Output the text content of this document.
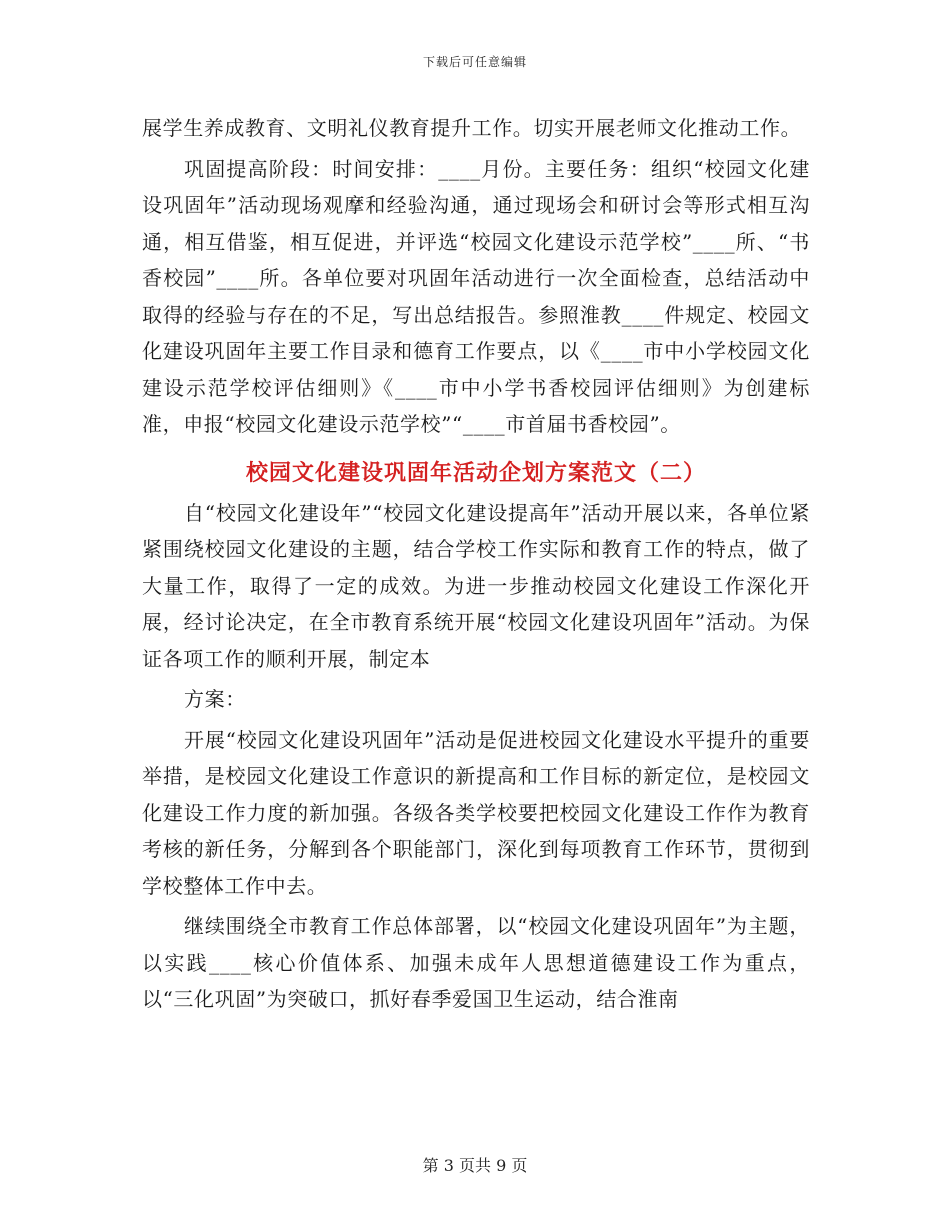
下载后可任意编辑

展学生养成教育、文明礼仪教育提升工作。切实开展老师文化推动工作。

巩固提高阶段：时间安排：____月份。主要任务：组织“校园文化建设巩固年”活动现场观摩和经验沟通，通过现场会和研讨会等形式相互沟通，相互借鉴，相互促进，并评选“校园文化建设示范学校”____所、“书香校园”____所。各单位要对巩固年活动进行一次全面检查，总结活动中取得的经验与存在的不足，写出总结报告。参照淮教____件规定、校园文化建设巩固年主要工作目录和德育工作要点，以《____市中小学校园文化建设示范学校评估细则》《____市中小学书香校园评估细则》为创建标准，申报“校园文化建设示范学校”“____市首届书香校园”。

校园文化建设巩固年活动企划方案范文（二）

自“校园文化建设年”“校园文化建设提高年”活动开展以来，各单位紧紧围绕校园文化建设的主题，结合学校工作实际和教育工作的特点，做了大量工作，取得了一定的成效。为进一步推动校园文化建设工作深化开展，经讨论决定，在全市教育系统开展“校园文化建设巩固年”活动。为保证各项工作的顺利开展，制定本

方案：

开展“校园文化建设巩固年”活动是促进校园文化建设水平提升的重要举措，是校园文化建设工作意识的新提高和工作目标的新定位，是校园文化建设工作力度的新加强。各级各类学校要把校园文化建设工作作为教育考核的新任务，分解到各个职能部门，深化到每项教育工作环节，贯彻到学校整体工作中去。

继续围绕全市教育工作总体部署，以“校园文化建设巩固年”为主题，以实践____核心价值体系、加强未成年人思想道德建设工作为重点，以“三化巩固”为突破口，抓好春季爱国卫生运动，结合淮南

第 3 页共 9 页
